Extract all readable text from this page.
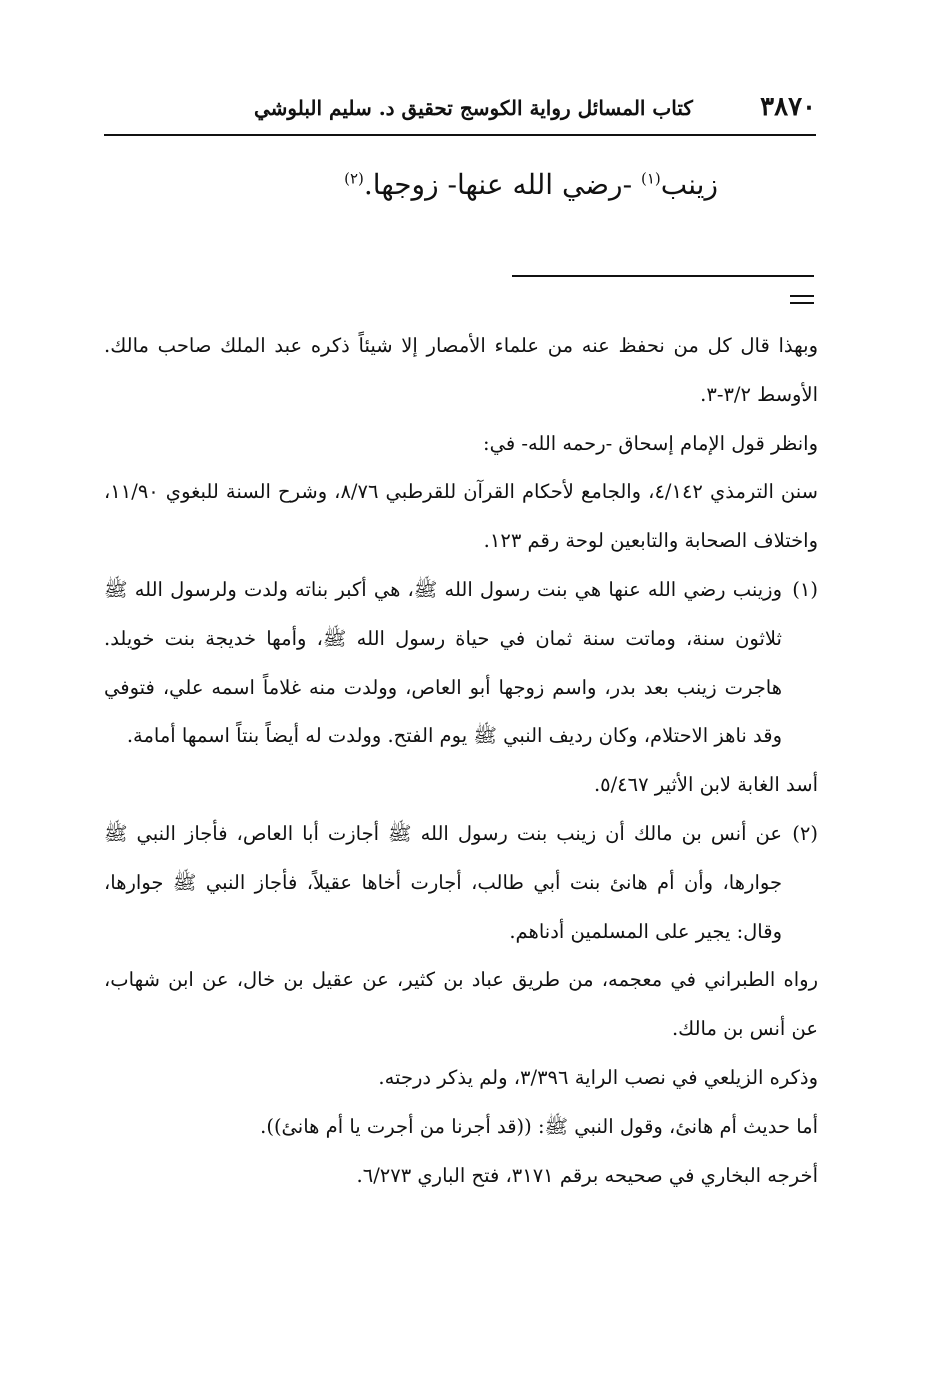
٣٨٧٠
كتاب المسائل رواية الكوسج تحقيق د. سليم البلوشي
زينب$^{(١)}$ -رضي الله عنها- زوجها.$^{(٢)}$

وبهذا قال كل من نحفظ عنه من علماء الأمصار إلا شيئاً ذكره عبد الملك صاحب مالك. الأوسط ٣/٢-٣.

وانظر قول الإمام إسحاق -رحمه الله- في:

سنن الترمذي ٤/١٤٢، والجامع لأحكام القرآن للقرطبي ٨/٧٦، وشرح السنة للبغوي ١١/٩٠، واختلاف الصحابة والتابعين لوحة رقم ١٢٣.

(١)

وزينب رضي الله عنها هي بنت رسول الله ﷺ، هي أكبر بناته ولدت ولرسول الله ﷺ ثلاثون سنة، وماتت سنة ثمان في حياة رسول الله ﷺ، وأمها خديجة بنت خويلد. هاجرت زينب بعد بدر، واسم زوجها أبو العاص، وولدت منه غلاماً اسمه علي، فتوفي وقد ناهز الاحتلام، وكان رديف النبي ﷺ يوم الفتح. وولدت له أيضاً بنتاً اسمها أمامة.

أسد الغابة لابن الأثير ٥/٤٦٧.

(٢)

عن أنس بن مالك أن زينب بنت رسول الله ﷺ أجازت أبا العاص، فأجاز النبي ﷺ جوارها، وأن أم هانئ بنت أبي طالب، أجارت أخاها عقيلاً، فأجاز النبي ﷺ جوارها، وقال: يجير على المسلمين أدناهم.

رواه الطبراني في معجمه، من طريق عباد بن كثير، عن عقيل بن خال، عن ابن شهاب، عن أنس بن مالك.

وذكره الزيلعي في نصب الراية ٣/٣٩٦، ولم يذكر درجته.

أما حديث أم هانئ، وقول النبي ﷺ: ((قد أجرنا من أجرت يا أم هانئ)).

أخرجه البخاري في صحيحه برقم ٣١٧١، فتح الباري ٦/٢٧٣.
